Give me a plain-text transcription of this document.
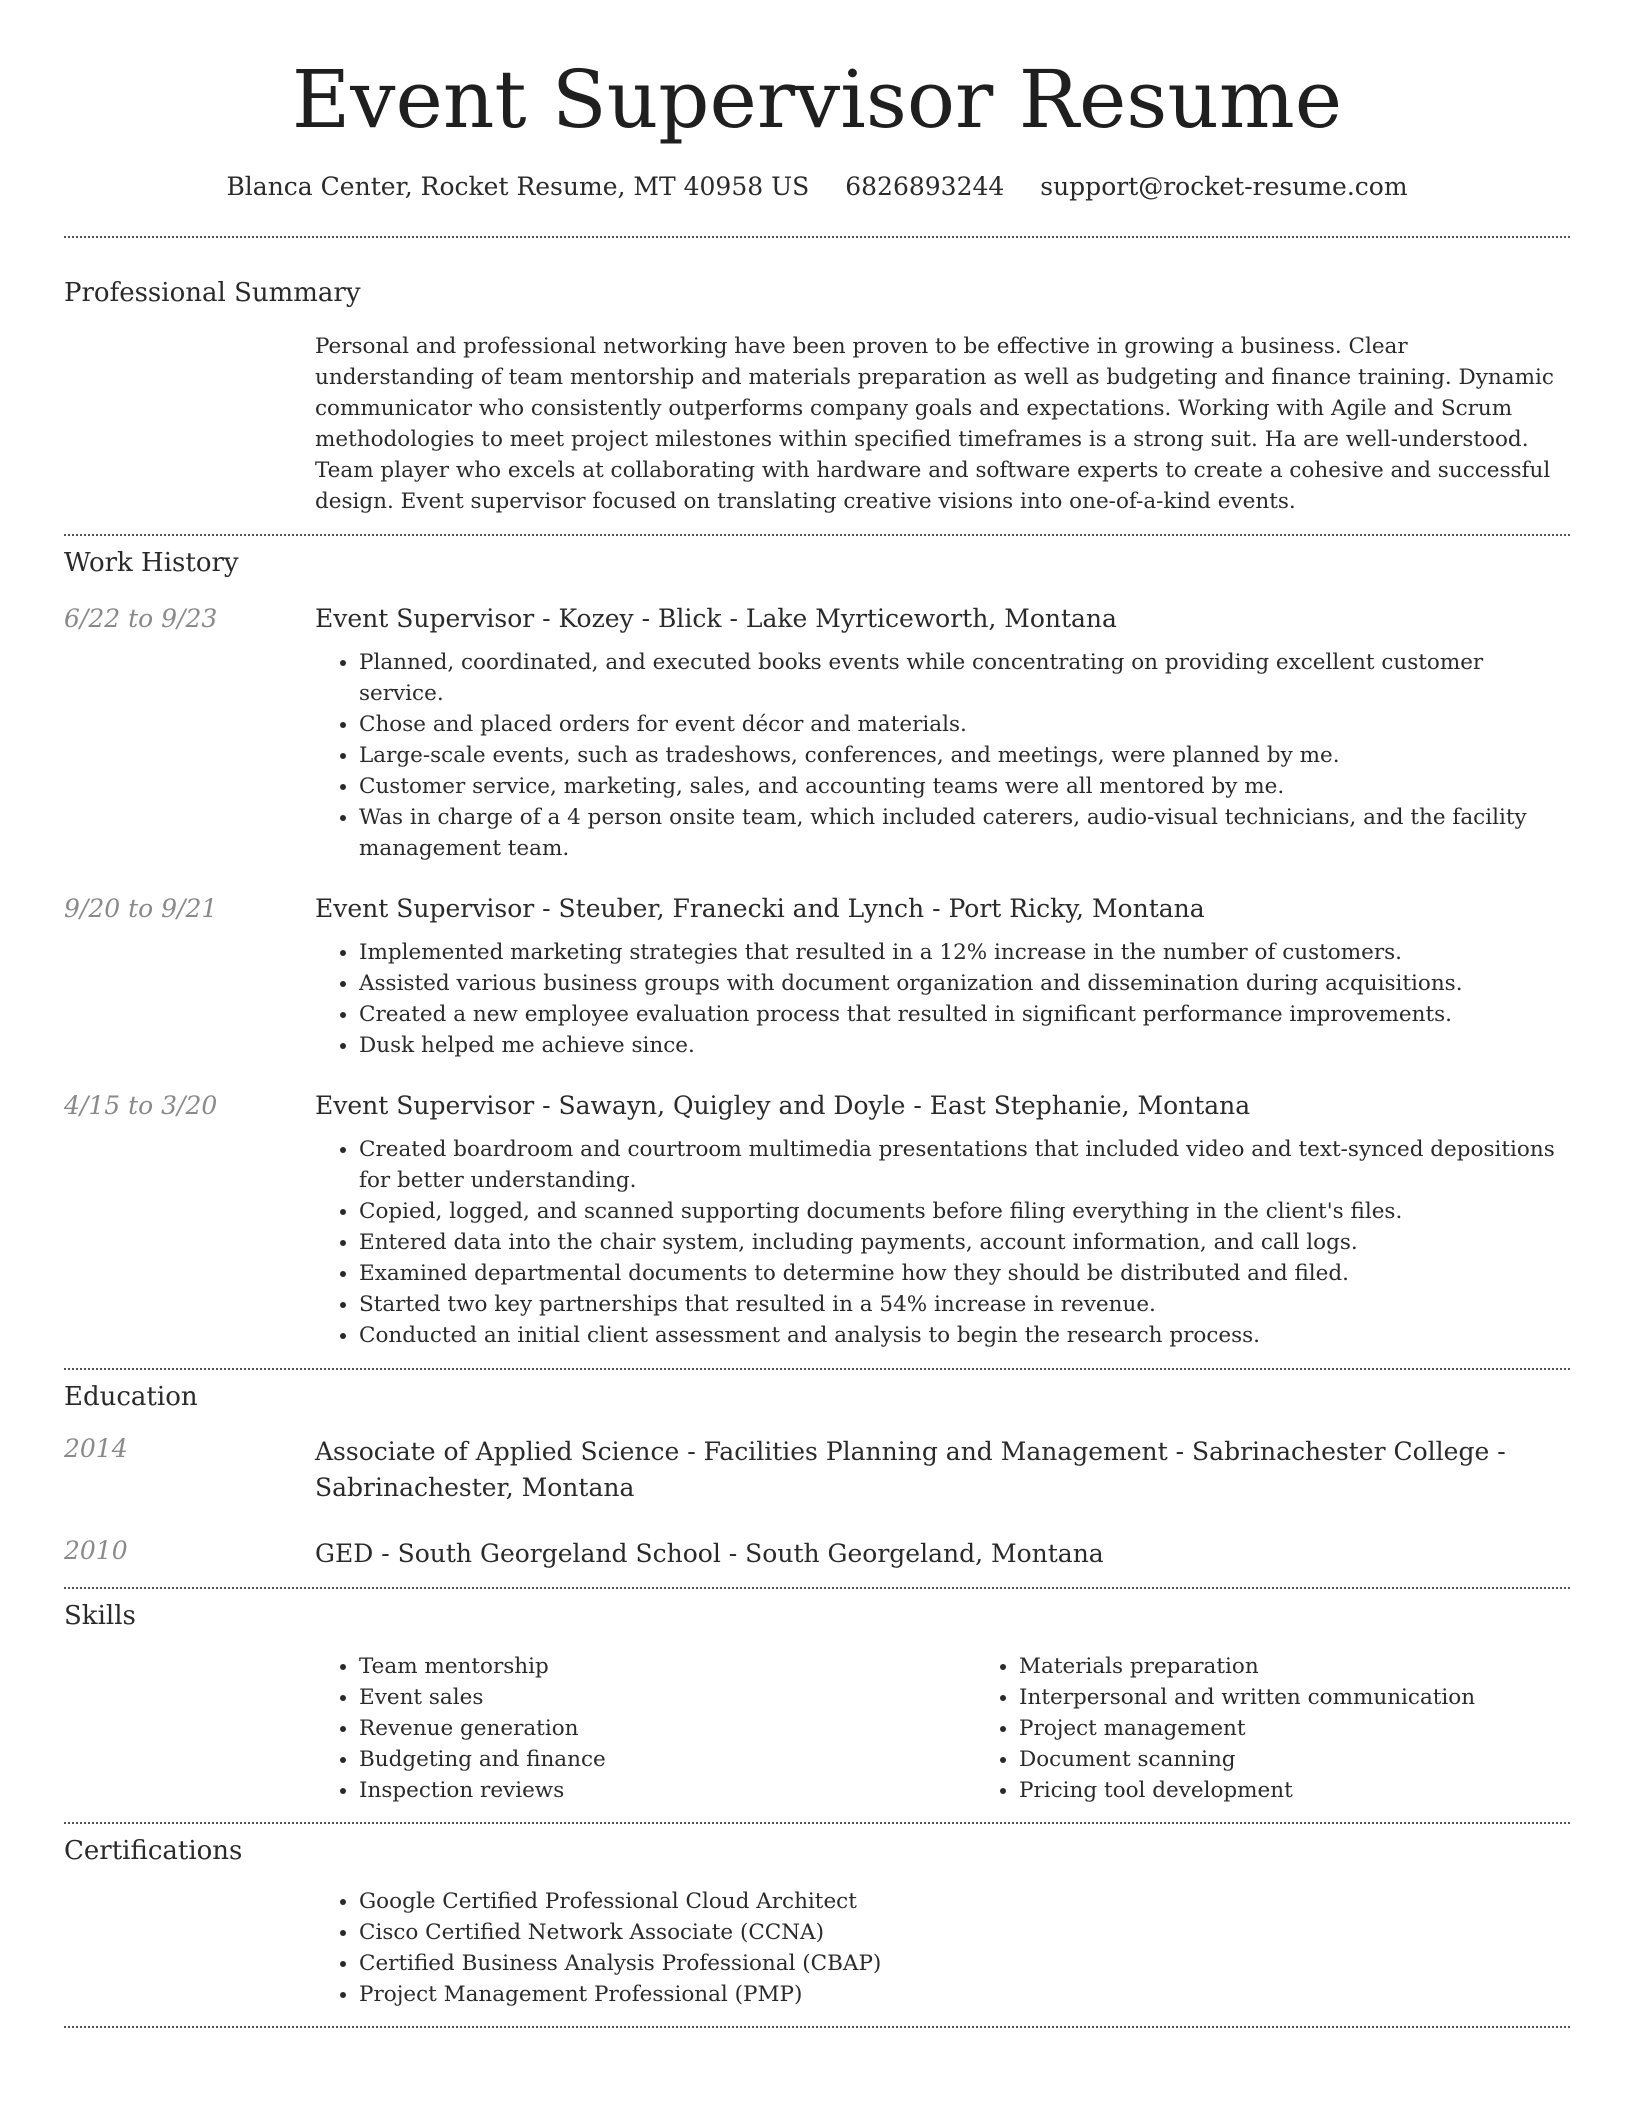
Event Supervisor Resume
Blanca Center, Rocket Resume, MT 40958 US 6826893244 support@rocket-resume.com
Professional Summary

Personal and professional networking have been proven to be effective in growing a business. Clear understanding of team mentorship and materials preparation as well as budgeting and finance training. Dynamic communicator who consistently outperforms company goals and expectations. Working with Agile and Scrum methodologies to meet project milestones within specified timeframes is a strong suit. Ha are well-understood. Team player who excels at collaborating with hardware and software experts to create a cohesive and successful design. Event supervisor focused on translating creative visions into one-of-a-kind events.

Work History
6/22 to 9/23	Event Supervisor - Kozey - Blick - Lake Myrticeworth, Montana

• Planned, coordinated, and executed books events while concentrating on providing excellent customer service.
• Chose and placed orders for event décor and materials.
• Large-scale events, such as tradeshows, conferences, and meetings, were planned by me.
• Customer service, marketing, sales, and accounting teams were all mentored by me.
• Was in charge of a 4 person onsite team, which included caterers, audio-visual technicians, and the facility management team.
9/20 to 9/21	Event Supervisor - Steuber, Franecki and Lynch - Port Ricky, Montana

• Implemented marketing strategies that resulted in a 12% increase in the number of customers.
• Assisted various business groups with document organization and dissemination during acquisitions.
• Created a new employee evaluation process that resulted in significant performance improvements.
• Dusk helped me achieve since.
4/15 to 3/20	Event Supervisor - Sawayn, Quigley and Doyle - East Stephanie, Montana

• Created boardroom and courtroom multimedia presentations that included video and text-synced depositions for better understanding.
• Copied, logged, and scanned supporting documents before filing everything in the client's files.
• Entered data into the chair system, including payments, account information, and call logs.
• Examined departmental documents to determine how they should be distributed and filed.
• Started two key partnerships that resulted in a 54% increase in revenue.
• Conducted an initial client assessment and analysis to begin the research process.
Education
2014	Associate of Applied Science - Facilities Planning and Management - Sabrinachester College - Sabrinachester, Montana

2010	GED - South Georgeland School - South Georgeland, Montana

Skills
• Team mentorship
• Event sales
• Revenue generation
• Budgeting and finance
• Inspection reviews
• Materials preparation
• Interpersonal and written communication
• Project management
• Document scanning
• Pricing tool development
Certifications
• Google Certified Professional Cloud Architect
• Cisco Certified Network Associate (CCNA)
• Certified Business Analysis Professional (CBAP)
• Project Management Professional (PMP)
